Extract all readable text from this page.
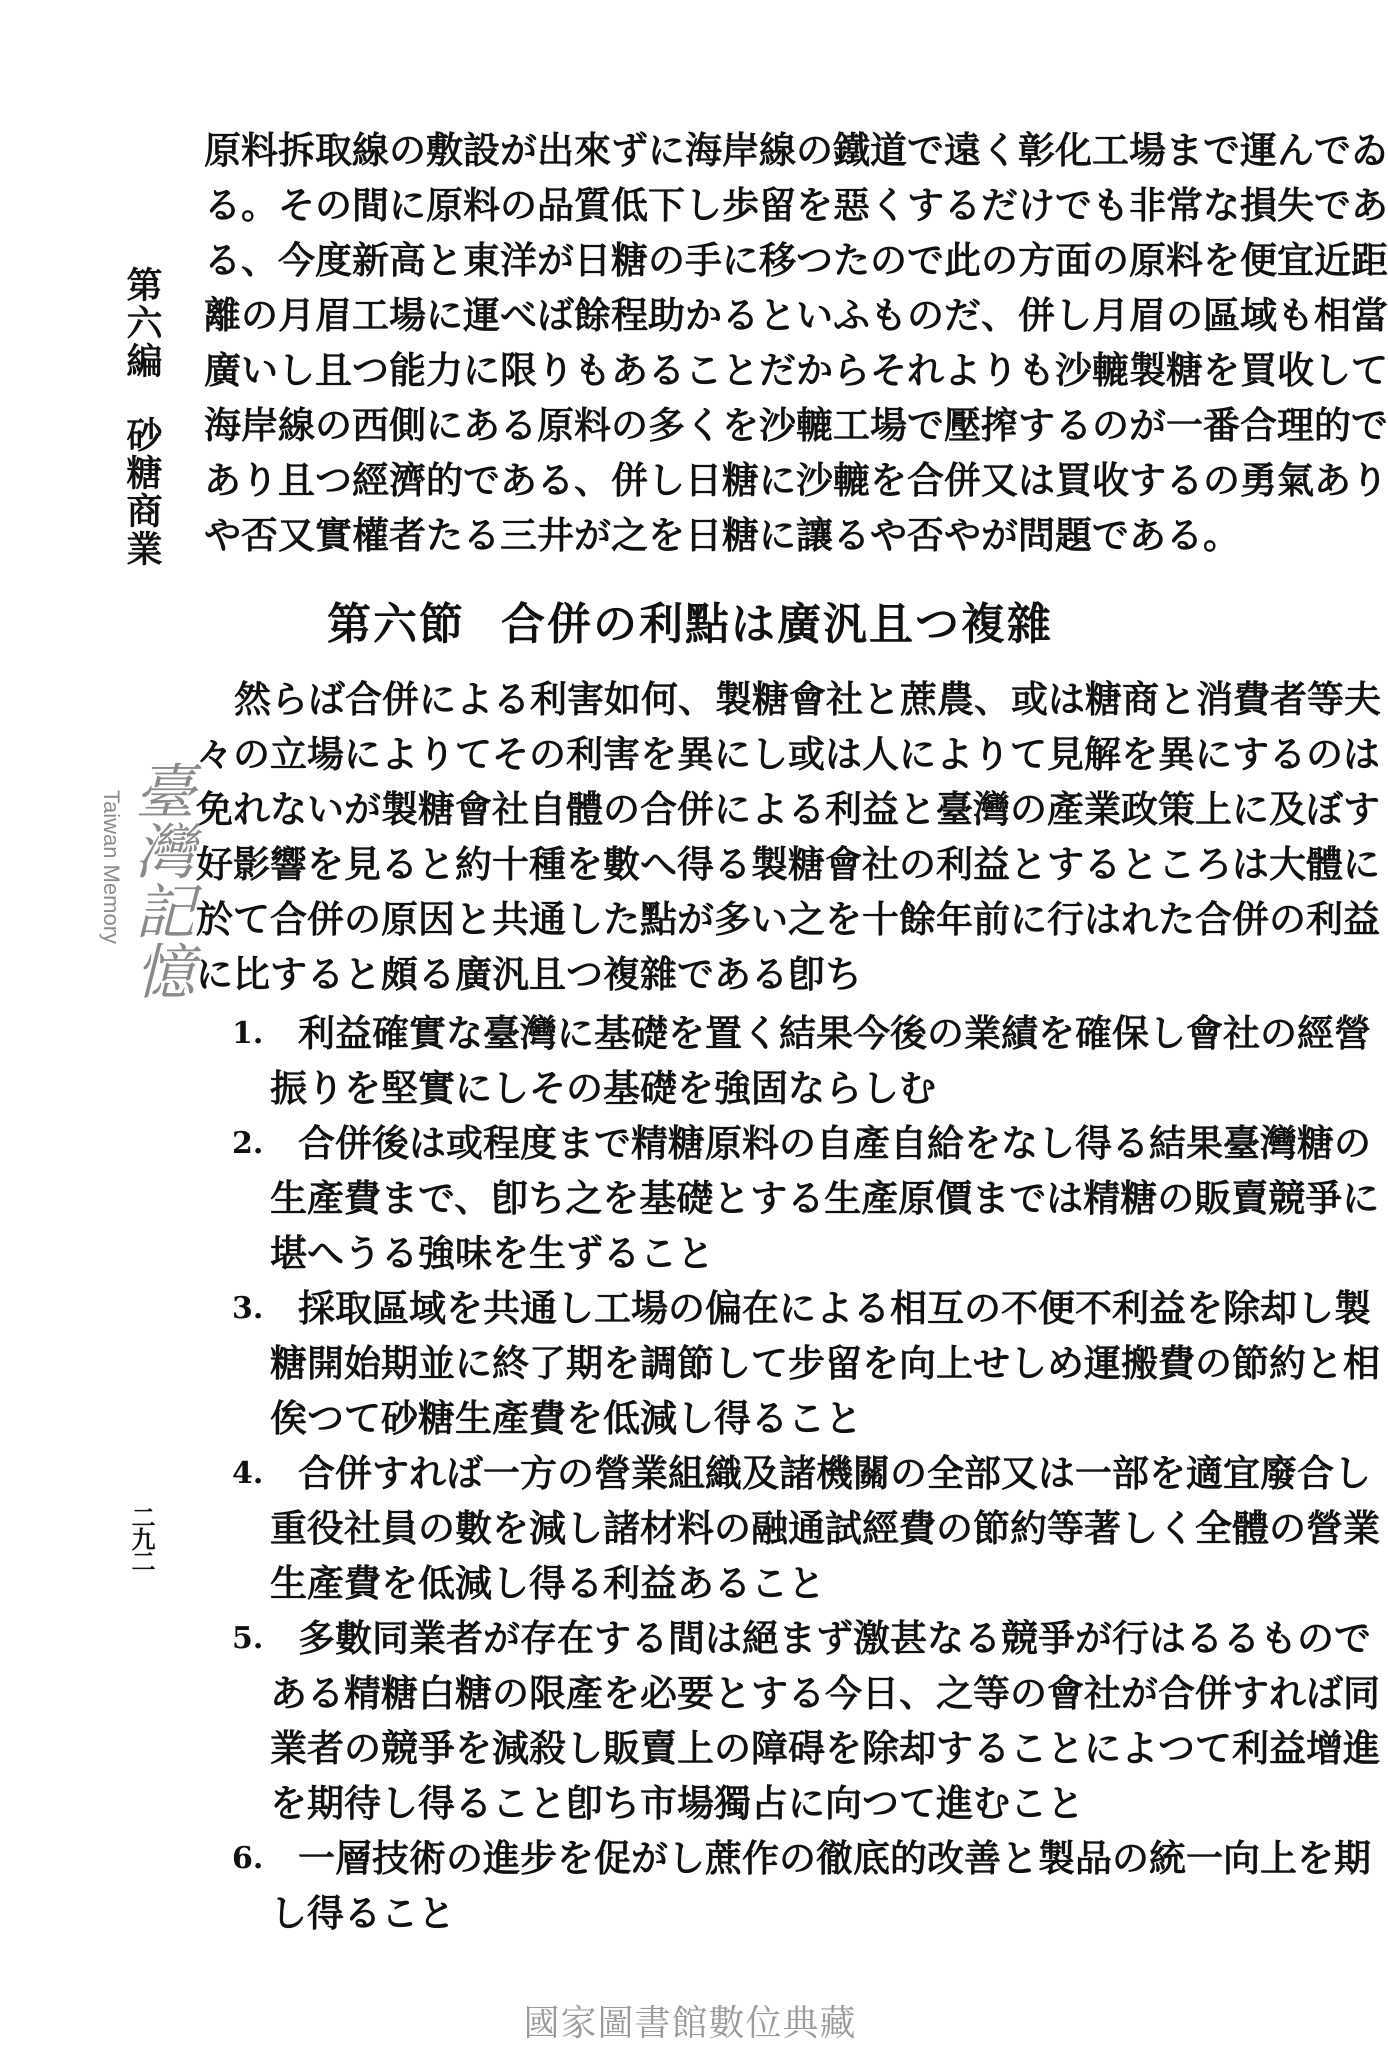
第六編砂糖商業
二九二
原料拆取線の敷設が出來ずに海岸線の鐵道で遠く彰化工場まで運んでゐ
る。その間に原料の品質低下し歩留を惡くするだけでも非常な損失であ
る、今度新高と東洋が日糖の手に移つたので此の方面の原料を便宜近距
離の月眉工場に運べば餘程助かるといふものだ、併し月眉の區域も相當
廣いし且つ能力に限りもあることだからそれよりも沙轆製糖を買收して
海岸線の西側にある原料の多くを沙轆工場で壓搾するのが一番合理的で
あり且つ經濟的である、併し日糖に沙轆を合併又は買收するの勇氣あり
や否又實權者たる三井が之を日糖に讓るや否やが問題である。
第六節 合併の利點は廣汎且つ複雜
然らば合併による利害如何、製糖會社と蔗農、或は糖商と消費者等夫
々の立場によりてその利害を異にし或は人によりて見解を異にするのは
免れないが製糖會社自體の合併による利益と臺灣の產業政策上に及ぼす
好影響を見ると約十種を數へ得る製糖會社の利益とするところは大體に
於て合併の原因と共通した點が多い之を十餘年前に行はれた合併の利益
に比すると頗る廣汎且つ複雜である卽ち
1. 利益確實な臺灣に基礎を置く結果今後の業績を確保し會社の經營
振りを堅實にしその基礎を強固ならしむ
2. 合併後は或程度まで精糖原料の自產自給をなし得る結果臺灣糖の
生產費まで、卽ち之を基礎とする生產原價までは精糖の販賣競爭に
堪へうる強味を生ずること
3. 採取區域を共通し工場の偏在による相互の不便不利益を除却し製
糖開始期並に終了期を調節して步留を向上せしめ運搬費の節約と相
俟つて砂糖生產費を低減し得ること
4. 合併すれば一方の營業組織及諸機關の全部又は一部を適宜廢合し
重役社員の數を減し諸材料の融通試經費の節約等著しく全體の營業
生產費を低減し得る利益あること
5. 多數同業者が存在する間は絕まず激甚なる競爭が行はるるもので
ある精糖白糖の限產を必要とする今日、之等の會社が合併すれば同
業者の競爭を減殺し販賣上の障碍を除却することによつて利益增進
を期待し得ること卽ち市場獨占に向つて進むこと
6. 一層技術の進步を促がし蔗作の徹底的改善と製品の統一向上を期
し得ること
臺灣記憶
Taiwan Memory
國家圖書館數位典藏
